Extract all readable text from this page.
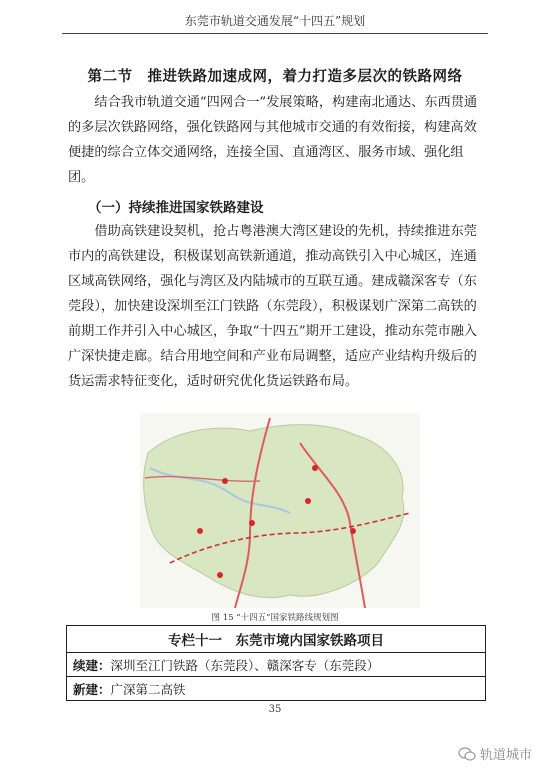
东莞市轨道交通发展“十四五”规划
第二节　推进铁路加速成网，着力打造多层次的铁路网络

结合我市轨道交通“四网合一”发展策略，构建南北通达、东西贯通的多层次铁路网络，强化铁路网与其他城市交通的有效衔接，构建高效便捷的综合立体交通网络，连接全国、直通湾区、服务市域、强化组团。

（一）持续推进国家铁路建设

借助高铁建设契机，抢占粤港澳大湾区建设的先机，持续推进东莞市内的高铁建设，积极谋划高铁新通道，推动高铁引入中心城区，连通区域高铁网络，强化与湾区及内陆城市的互联互通。建成赣深客专（东莞段），加快建设深圳至江门铁路（东莞段），积极谋划广深第二高铁的前期工作并引入中心城区，争取“十四五”期开工建设，推动东莞市融入广深快捷走廊。结合用地空间和产业布局调整，适应产业结构升级后的货运需求特征变化，适时研究优化货运铁路布局。

图 15 “十四五”国家铁路线规划图
专栏十一　东莞市境内国家铁路项目
续建：深圳至江门铁路（东莞段）、赣深客专（东莞段）
新建：广深第二高铁
35
轨道城市
